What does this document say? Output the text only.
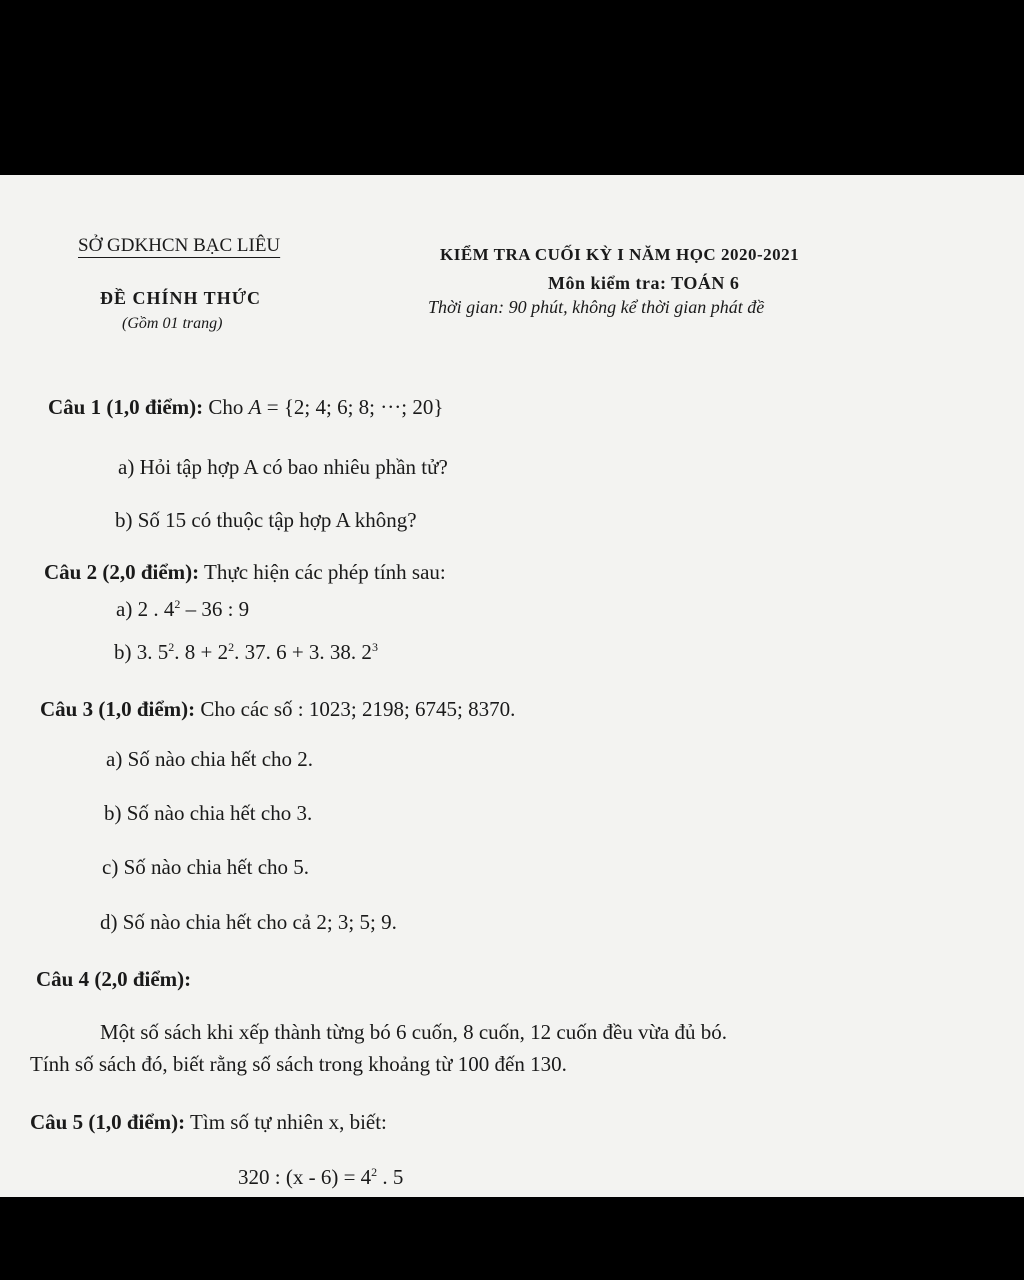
SỞ GDKHCN BẠC LIÊU
ĐỀ CHÍNH THỨC
(Gồm 01 trang)
KIỂM TRA CUỐI KỲ I NĂM HỌC 2020-2021
Môn kiểm tra: TOÁN 6
Thời gian: 90 phút, không kể thời gian phát đề
Câu 1 (1,0 điểm): Cho A = {2; 4; 6; 8; ···; 20}
a) Hỏi tập hợp A có bao nhiêu phần tử?
b) Số 15 có thuộc tập hợp A không?
Câu 2 (2,0 điểm): Thực hiện các phép tính sau:
a) 2 . $4^2 - 36$ : 9
b) 3. $5^2$. $8 + 2^2$. 37. 6 + 3. 38. $2^3$
Câu 3 (1,0 điểm): Cho các số : 1023; 2198; 6745; 8370.
a) Số nào chia hết cho 2.
b) Số nào chia hết cho 3.
c) Số nào chia hết cho 5.
d) Số nào chia hết cho cả 2; 3; 5; 9.
Câu 4 (2,0 điểm):
Một số sách khi xếp thành từng bó 6 cuốn, 8 cuốn, 12 cuốn đều vừa đủ bó.
Tính số sách đó, biết rằng số sách trong khoảng từ 100 đến 130.
Câu 5 (1,0 điểm): Tìm số tự nhiên x, biết:
320 : $(x - 6) = 4^2$ . 5
